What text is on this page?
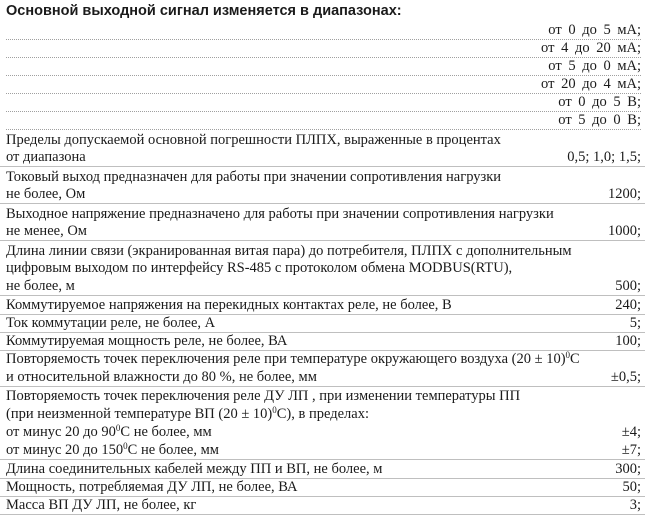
Основной выходной сигнал изменяется в диапазонах:
от 0 до 5 мА;
от 4 до 20 мА;
от 5 до 0 мА;
от 20 до 4 мА;
от 0 до 5 В;
от 5 до 0 В;
Пределы допускаемой основной погрешности ПЛПХ, выраженные в процентах
от диапазона	0,5; 1,0; 1,5;
Токовый выход предназначен для работы при значении сопротивления нагрузки
не более, Ом	1200;
Выходное напряжение предназначено для работы при значении сопротивления нагрузки
не менее, Ом	1000;
Длина линии связи (экранированная витая пара) до потребителя, ПЛПХ с дополнительным
цифровым выходом по интерфейсу RS-485 с протоколом обмена MODBUS(RTU),
не более, м	500;
Коммутируемое напряжения на перекидных контактах реле, не более, В	240;
Ток коммутации реле, не более, А	5;
Коммутируемая мощность реле, не более, ВА	100;
Повторяемость точек переключения реле при температуре окружающего воздуха $(20 \pm 10)^0С$
и относительной влажности до 80 %, не более, мм	±0,5;
Повторяемость точек переключения реле ДУ ЛП , при изменении температуры ПП
(при неизменной температуре ВП $(20 \pm 10)^0С$), в пределах:
от минус 20 до $90^0С$ не более, мм	±4;
от минус 20 до $150^0С$ не более, мм	±7;
Длина соединительных кабелей между ПП и ВП, не более, м	300;
Мощность, потребляемая ДУ ЛП, не более, ВА	50;
Масса ВП ДУ ЛП, не более, кг	3;
